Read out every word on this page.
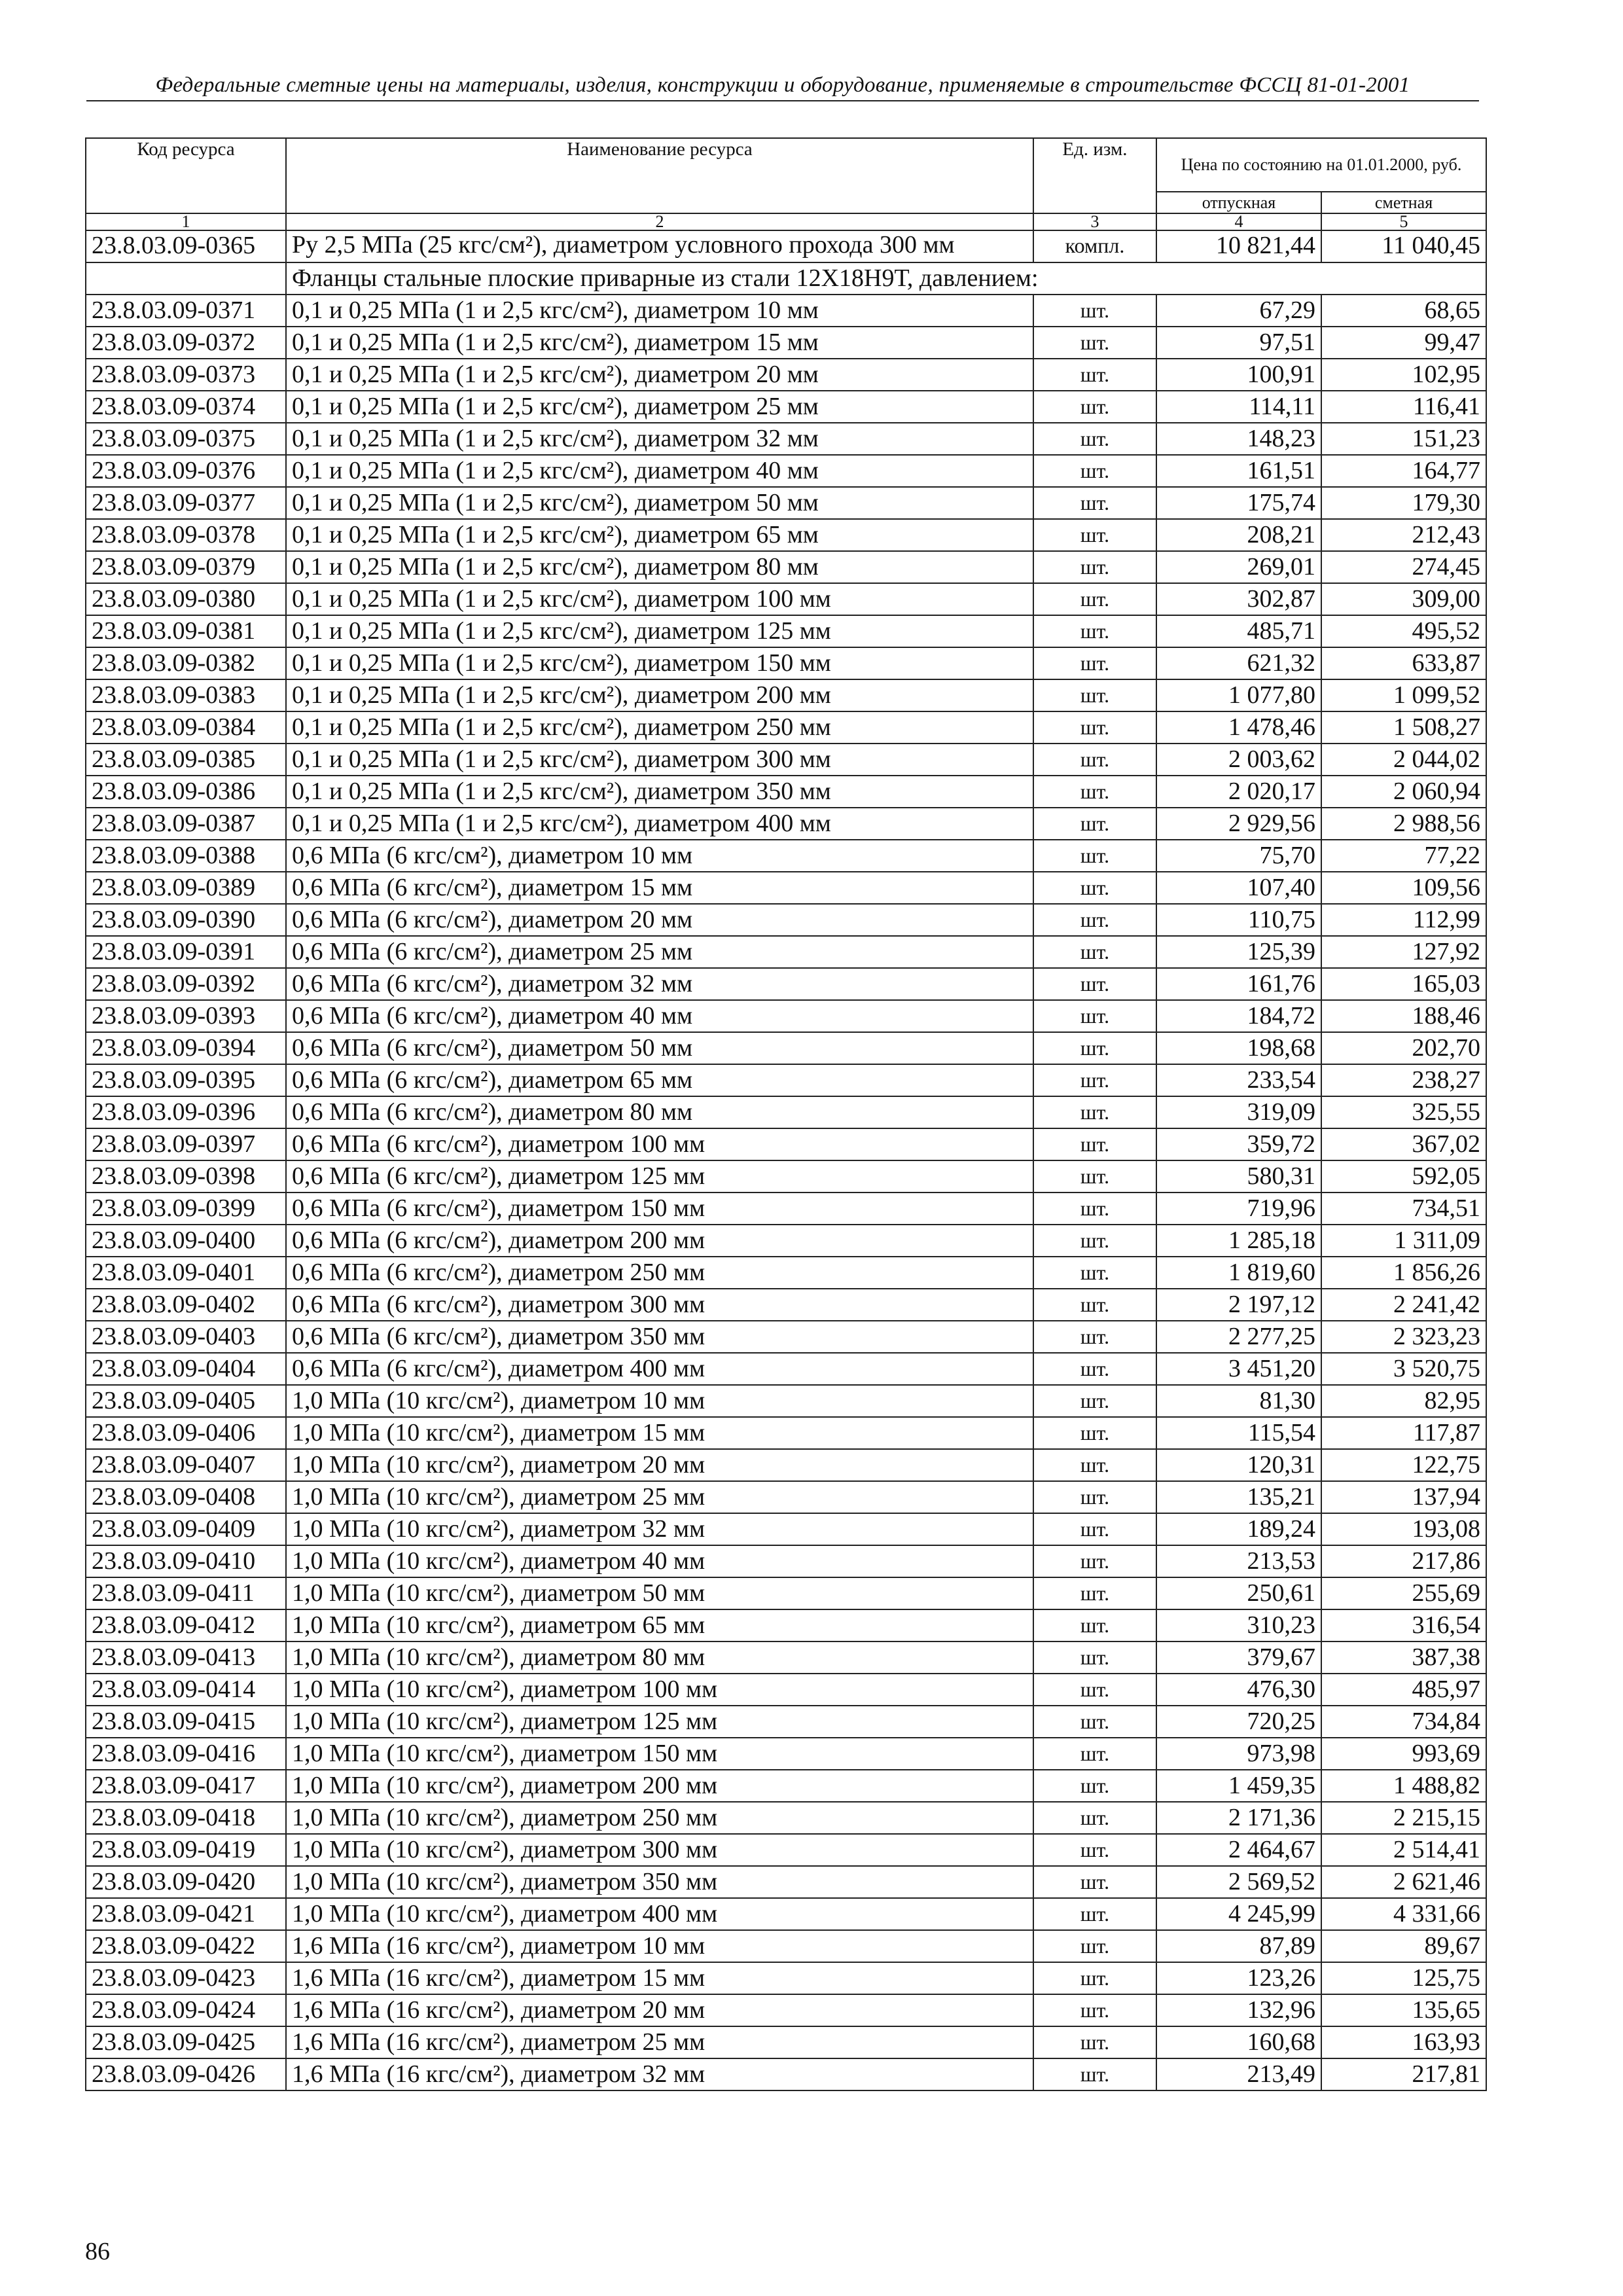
Федеральные сметные цены на материалы, изделия, конструкции и оборудование, применяемые в строительстве ФССЦ 81-01-2001
Код ресурса	Наименование ресурса	Ед. изм.	Цена по состоянию на 01.01.2000, руб.	
			отпускная	сметная
1	2	3	4	5
23.8.03.09-0365	Ру 2,5 МПа (25 кгс/см²), диаметром условного прохода 300 мм	компл.	10 821,44	11 040,45
	Фланцы стальные плоские приварные из стали 12Х18Н9Т, давлением:			
23.8.03.09-0371	0,1 и 0,25 МПа (1 и 2,5 кгс/см²), диаметром 10 мм	шт.	67,29	68,65
23.8.03.09-0372	0,1 и 0,25 МПа (1 и 2,5 кгс/см²), диаметром 15 мм	шт.	97,51	99,47
23.8.03.09-0373	0,1 и 0,25 МПа (1 и 2,5 кгс/см²), диаметром 20 мм	шт.	100,91	102,95
23.8.03.09-0374	0,1 и 0,25 МПа (1 и 2,5 кгс/см²), диаметром 25 мм	шт.	114,11	116,41
23.8.03.09-0375	0,1 и 0,25 МПа (1 и 2,5 кгс/см²), диаметром 32 мм	шт.	148,23	151,23
23.8.03.09-0376	0,1 и 0,25 МПа (1 и 2,5 кгс/см²), диаметром 40 мм	шт.	161,51	164,77
23.8.03.09-0377	0,1 и 0,25 МПа (1 и 2,5 кгс/см²), диаметром 50 мм	шт.	175,74	179,30
23.8.03.09-0378	0,1 и 0,25 МПа (1 и 2,5 кгс/см²), диаметром 65 мм	шт.	208,21	212,43
23.8.03.09-0379	0,1 и 0,25 МПа (1 и 2,5 кгс/см²), диаметром 80 мм	шт.	269,01	274,45
23.8.03.09-0380	0,1 и 0,25 МПа (1 и 2,5 кгс/см²), диаметром 100 мм	шт.	302,87	309,00
23.8.03.09-0381	0,1 и 0,25 МПа (1 и 2,5 кгс/см²), диаметром 125 мм	шт.	485,71	495,52
23.8.03.09-0382	0,1 и 0,25 МПа (1 и 2,5 кгс/см²), диаметром 150 мм	шт.	621,32	633,87
23.8.03.09-0383	0,1 и 0,25 МПа (1 и 2,5 кгс/см²), диаметром 200 мм	шт.	1 077,80	1 099,52
23.8.03.09-0384	0,1 и 0,25 МПа (1 и 2,5 кгс/см²), диаметром 250 мм	шт.	1 478,46	1 508,27
23.8.03.09-0385	0,1 и 0,25 МПа (1 и 2,5 кгс/см²), диаметром 300 мм	шт.	2 003,62	2 044,02
23.8.03.09-0386	0,1 и 0,25 МПа (1 и 2,5 кгс/см²), диаметром 350 мм	шт.	2 020,17	2 060,94
23.8.03.09-0387	0,1 и 0,25 МПа (1 и 2,5 кгс/см²), диаметром 400 мм	шт.	2 929,56	2 988,56
23.8.03.09-0388	0,6 МПа (6 кгс/см²), диаметром 10 мм	шт.	75,70	77,22
23.8.03.09-0389	0,6 МПа (6 кгс/см²), диаметром 15 мм	шт.	107,40	109,56
23.8.03.09-0390	0,6 МПа (6 кгс/см²), диаметром 20 мм	шт.	110,75	112,99
23.8.03.09-0391	0,6 МПа (6 кгс/см²), диаметром 25 мм	шт.	125,39	127,92
23.8.03.09-0392	0,6 МПа (6 кгс/см²), диаметром 32 мм	шт.	161,76	165,03
23.8.03.09-0393	0,6 МПа (6 кгс/см²), диаметром 40 мм	шт.	184,72	188,46
23.8.03.09-0394	0,6 МПа (6 кгс/см²), диаметром 50 мм	шт.	198,68	202,70
23.8.03.09-0395	0,6 МПа (6 кгс/см²), диаметром 65 мм	шт.	233,54	238,27
23.8.03.09-0396	0,6 МПа (6 кгс/см²), диаметром 80 мм	шт.	319,09	325,55
23.8.03.09-0397	0,6 МПа (6 кгс/см²), диаметром 100 мм	шт.	359,72	367,02
23.8.03.09-0398	0,6 МПа (6 кгс/см²), диаметром 125 мм	шт.	580,31	592,05
23.8.03.09-0399	0,6 МПа (6 кгс/см²), диаметром 150 мм	шт.	719,96	734,51
23.8.03.09-0400	0,6 МПа (6 кгс/см²), диаметром 200 мм	шт.	1 285,18	1 311,09
23.8.03.09-0401	0,6 МПа (6 кгс/см²), диаметром 250 мм	шт.	1 819,60	1 856,26
23.8.03.09-0402	0,6 МПа (6 кгс/см²), диаметром 300 мм	шт.	2 197,12	2 241,42
23.8.03.09-0403	0,6 МПа (6 кгс/см²), диаметром 350 мм	шт.	2 277,25	2 323,23
23.8.03.09-0404	0,6 МПа (6 кгс/см²), диаметром 400 мм	шт.	3 451,20	3 520,75
23.8.03.09-0405	1,0 МПа (10 кгс/см²), диаметром 10 мм	шт.	81,30	82,95
23.8.03.09-0406	1,0 МПа (10 кгс/см²), диаметром 15 мм	шт.	115,54	117,87
23.8.03.09-0407	1,0 МПа (10 кгс/см²), диаметром 20 мм	шт.	120,31	122,75
23.8.03.09-0408	1,0 МПа (10 кгс/см²), диаметром 25 мм	шт.	135,21	137,94
23.8.03.09-0409	1,0 МПа (10 кгс/см²), диаметром 32 мм	шт.	189,24	193,08
23.8.03.09-0410	1,0 МПа (10 кгс/см²), диаметром 40 мм	шт.	213,53	217,86
23.8.03.09-0411	1,0 МПа (10 кгс/см²), диаметром 50 мм	шт.	250,61	255,69
23.8.03.09-0412	1,0 МПа (10 кгс/см²), диаметром 65 мм	шт.	310,23	316,54
23.8.03.09-0413	1,0 МПа (10 кгс/см²), диаметром 80 мм	шт.	379,67	387,38
23.8.03.09-0414	1,0 МПа (10 кгс/см²), диаметром 100 мм	шт.	476,30	485,97
23.8.03.09-0415	1,0 МПа (10 кгс/см²), диаметром 125 мм	шт.	720,25	734,84
23.8.03.09-0416	1,0 МПа (10 кгс/см²), диаметром 150 мм	шт.	973,98	993,69
23.8.03.09-0417	1,0 МПа (10 кгс/см²), диаметром 200 мм	шт.	1 459,35	1 488,82
23.8.03.09-0418	1,0 МПа (10 кгс/см²), диаметром 250 мм	шт.	2 171,36	2 215,15
23.8.03.09-0419	1,0 МПа (10 кгс/см²), диаметром 300 мм	шт.	2 464,67	2 514,41
23.8.03.09-0420	1,0 МПа (10 кгс/см²), диаметром 350 мм	шт.	2 569,52	2 621,46
23.8.03.09-0421	1,0 МПа (10 кгс/см²), диаметром 400 мм	шт.	4 245,99	4 331,66
23.8.03.09-0422	1,6 МПа (16 кгс/см²), диаметром 10 мм	шт.	87,89	89,67
23.8.03.09-0423	1,6 МПа (16 кгс/см²), диаметром 15 мм	шт.	123,26	125,75
23.8.03.09-0424	1,6 МПа (16 кгс/см²), диаметром 20 мм	шт.	132,96	135,65
23.8.03.09-0425	1,6 МПа (16 кгс/см²), диаметром 25 мм	шт.	160,68	163,93
23.8.03.09-0426	1,6 МПа (16 кгс/см²), диаметром 32 мм	шт.	213,49	217,81
86
